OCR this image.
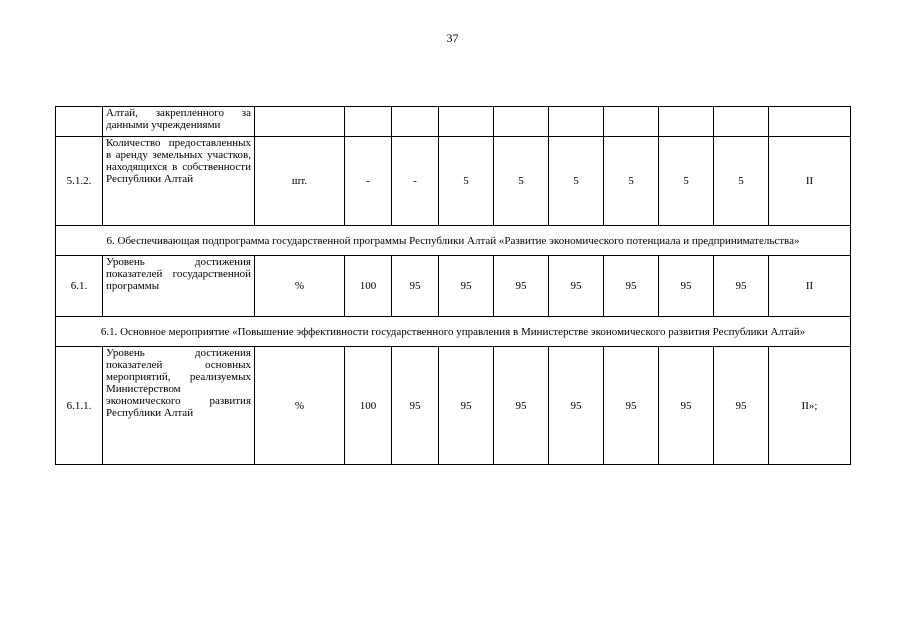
37
	Алтай, закрепленного за данными учреждениями										
5.1.2.	Количество предоставленных в аренду земельных участков, находящихся в собственности Республики Алтай	шт.	-	-	5	5	5	5	5	5	II
6. Обеспечивающая подпрограмма государственной программы Республики Алтай «Развитие экономического потенциала и предпринимательства»											
6.1.	Уровень достижения показателей государственной программы	%	100	95	95	95	95	95	95	95	II
6.1. Основное мероприятие «Повышение эффективности государственного управления в Министерстве экономического развития Республики Алтай»											
6.1.1.	Уровень достижения показателей основных мероприятий, реализуемых Министерством экономического развития Республики Алтай	%	100	95	95	95	95	95	95	95	II»;
